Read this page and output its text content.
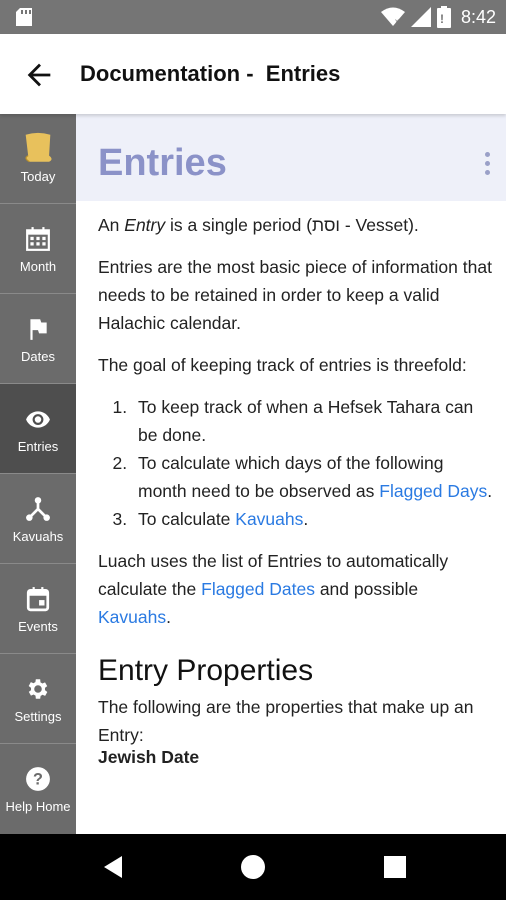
x	! 8:42
Documentation -  Entries
Today
Month
Dates
Entries
Kavuahs
Events
Settings
?
Help Home
Entries

An Entry is a single period (וסת - Vesset).

Entries are the most basic piece of information that needs to be retained in order to keep a valid Halachic calendar.

The goal of keeping track of entries is threefold:

1. To keep track of when a Hefsek Tahara can be done.
2. To calculate which days of the following month need to be observed as Flagged Days.
3. To calculate Kavuahs.

Luach uses the list of Entries to automatically calculate the Flagged Dates and possible Kavuahs.

Entry Properties

The following are the properties that make up an Entry:

Jewish Date
